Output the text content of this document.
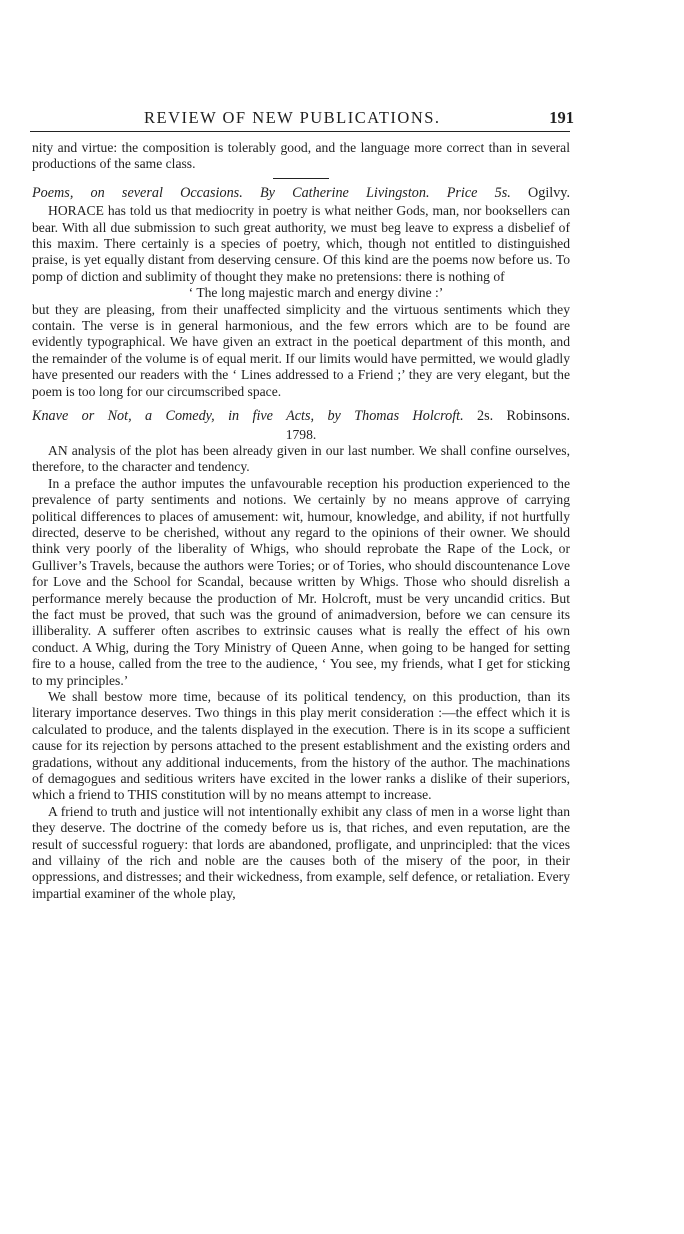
REVIEW OF NEW PUBLICATIONS.	191

nity and virtue: the composition is tolerably good, and the language more correct than in several productions of the same class.

Poems, on several Occasions. By Catherine Livingston. Price 5s. Ogilvy.

HORACE has told us that mediocrity in poetry is what neither Gods, man, nor booksellers can bear. With all due submission to such great authority, we must beg leave to express a disbelief of this maxim. There certainly is a species of poetry, which, though not entitled to distinguished praise, is yet equally distant from deserving censure. Of this kind are the poems now before us. To pomp of diction and sublimity of thought they make no pretensions: there is nothing of

‘ The long majestic march and energy divine :’

but they are pleasing, from their unaffected simplicity and the virtuous sentiments which they contain. The verse is in general harmonious, and the few errors which are to be found are evidently typographical. We have given an extract in the poetical department of this month, and the remainder of the volume is of equal merit. If our limits would have permitted, we would gladly have presented our readers with the ‘ Lines addressed to a Friend ;’ they are very elegant, but the poem is too long for our circumscribed space.

Knave or Not, a Comedy, in five Acts, by Thomas Holcroft. 2s. Robinsons.

1798.

AN analysis of the plot has been already given in our last number. We shall confine ourselves, therefore, to the character and tendency.

In a preface the author imputes the unfavourable reception his production experienced to the prevalence of party sentiments and notions. We certainly by no means approve of carrying political differences to places of amusement: wit, humour, knowledge, and ability, if not hurtfully directed, deserve to be cherished, without any regard to the opinions of their owner. We should think very poorly of the liberality of Whigs, who should reprobate the Rape of the Lock, or Gulliver’s Travels, because the authors were Tories; or of Tories, who should discountenance Love for Love and the School for Scandal, because written by Whigs. Those who should disrelish a performance merely because the production of Mr. Holcroft, must be very uncandid critics. But the fact must be proved, that such was the ground of animadversion, before we can censure its illiberality. A sufferer often ascribes to extrinsic causes what is really the effect of his own conduct. A Whig, during the Tory Ministry of Queen Anne, when going to be hanged for setting fire to a house, called from the tree to the audience, ‘ You see, my friends, what I get for sticking to my principles.’

We shall bestow more time, because of its political tendency, on this production, than its literary importance deserves. Two things in this play merit consideration :—the effect which it is calculated to produce, and the talents displayed in the execution. There is in its scope a sufficient cause for its rejection by persons attached to the present establishment and the existing orders and gradations, without any additional inducements, from the history of the author. The machinations of demagogues and seditious writers have excited in the lower ranks a dislike of their superiors, which a friend to THIS constitution will by no means attempt to increase.

A friend to truth and justice will not intentionally exhibit any class of men in a worse light than they deserve. The doctrine of the comedy before us is, that riches, and even reputation, are the result of successful roguery: that lords are abandoned, profligate, and unprincipled: that the vices and villainy of the rich and noble are the causes both of the misery of the poor, in their oppressions, and distresses; and their wickedness, from example, self defence, or retaliation. Every impartial examiner of the whole play,
